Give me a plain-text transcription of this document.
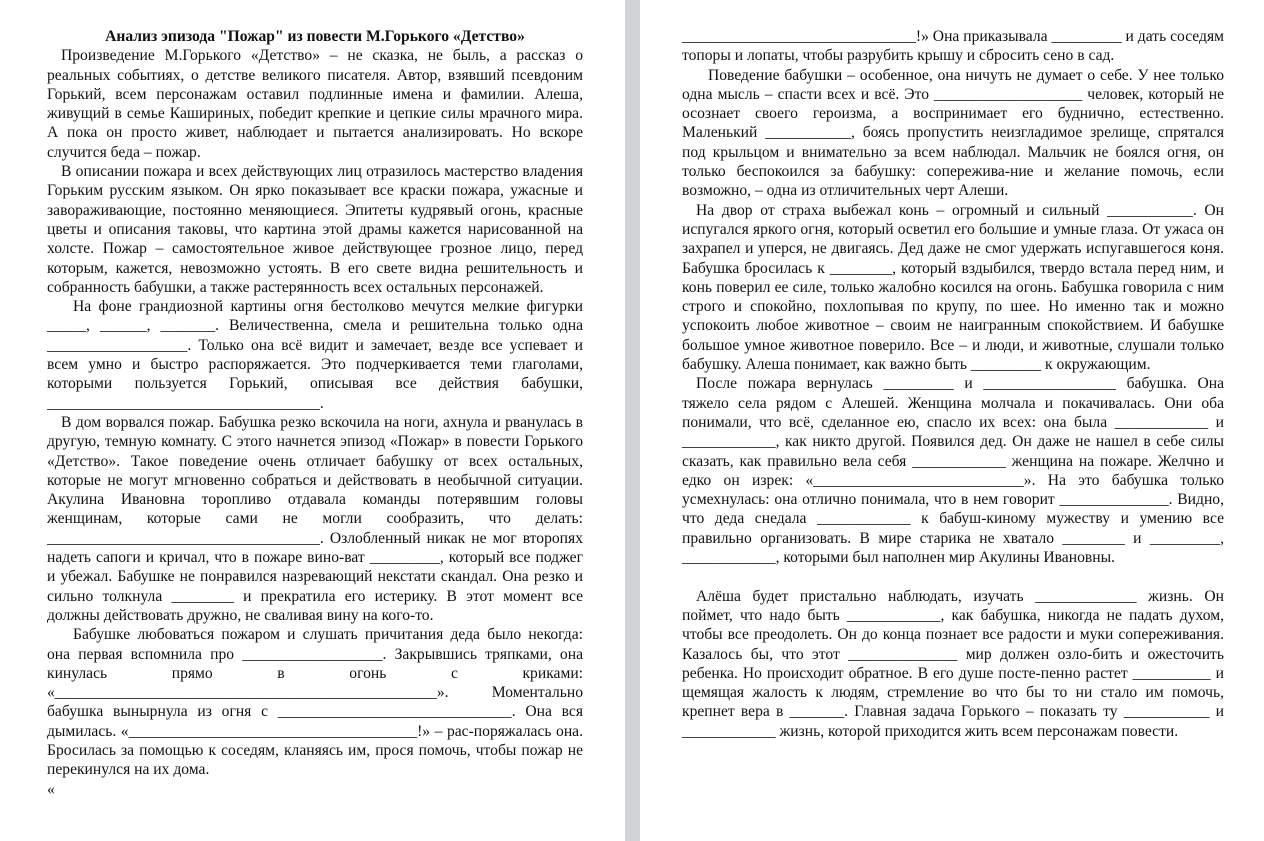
Анализ эпизода "Пожар" из повести М.Горького «Детство»

Произведение М.Горького «Детство» – не сказка, не быль, а рассказ о реальных событиях, о детстве великого писателя. Автор, взявший псевдоним Горький, всем персонажам оставил подлинные имена и фамилии. Алеша, живущий в семье Кашириных, победит крепкие и цепкие силы мрачного мира. А пока он просто живет, наблюдает и пытается анализировать. Но вскоре случится беда – пожар.

В описании пожара и всех действующих лиц отразилось мастерство владения Горьким русским языком. Он ярко показывает все краски пожара, ужасные и завораживающие, постоянно меняющиеся. Эпитеты кудрявый огонь, красные цветы и описания таковы, что картина этой драмы кажется нарисованной на холсте. Пожар – самостоятельное живое действующее грозное лицо, перед которым, кажется, невозможно устоять. В его свете видна решительность и собранность бабушки, а также растерянность всех остальных персонажей.

На фоне грандиозной картины огня бестолково мечутся мелкие фигурки _____, ______, _______. Величественна, смела и решительна только одна __________________. Только она всё видит и замечает, везде все успевает и всем умно и быстро распоряжается. Это подчеркивается теми глаголами, которыми пользуется Горький, описывая все действия бабушки, ___________________________________.

В дом ворвался пожар. Бабушка резко вскочила на ноги, ахнула и рванулась в другую, темную комнату. С этого начнется эпизод «Пожар» в повести Горького «Детство». Такое поведение очень отличает бабушку от всех остальных, которые не могут мгновенно собраться и действовать в необычной ситуации. Акулина Ивановна торопливо отдавала команды потерявшим головы женщинам, которые сами не могли сообразить, что делать: ___________________________________. Озлобленный никак не мог второпях надеть сапоги и кричал, что в пожаре вино-ват _________, который все поджег и убежал. Бабушке не понравился назревающий некстати скандал. Она резко и сильно толкнула ________ и прекратила его истерику. В этот момент все должны действовать дружно, не сваливая вину на кого-то.

Бабушке любоваться пожаром и слушать причитания деда было некогда: она первая вспомнила про __________________. Закрывшись тряпками, она кинулась прямо в огонь с криками: «_________________________________________________». Моментально бабушка вынырнула из огня с ______________________________. Она вся дымилась. «_____________________________________!» – рас-поряжалась она. Бросилась за помощью к соседям, кланяясь им, прося помочь, чтобы пожар не перекинулся на их дома.

«

______________________________!» Она приказывала _________ и дать соседям топоры и лопаты, чтобы разрубить крышу и сбросить сено в сад.

Поведение бабушки – особенное, она ничуть не думает о себе. У нее только одна мысль – спасти всех и всё. Это ___________________ человек, который не осознает своего героизма, а воспринимает его буднично, естественно. Маленький ___________, боясь пропустить неизгладимое зрелище, спрятался под крыльцом и внимательно за всем наблюдал. Мальчик не боялся огня, он только беспокоился за бабушку: сопережива-ние и желание помочь, если возможно, – одна из отличительных черт Алеши.

На двор от страха выбежал конь – огромный и сильный ___________. Он испугался яркого огня, который осветил его большие и умные глаза. От ужаса он захрапел и уперся, не двигаясь. Дед даже не смог удержать испугавшегося коня. Бабушка бросилась к ________, который вздыбился, твердо встала перед ним, и конь поверил ее силе, только жалобно косился на огонь. Бабушка говорила с ним строго и спокойно, похлопывая по крупу, по шее. Но именно так и можно успокоить любое животное – своим не наигранным спокойствием. И бабушке большое умное животное поверило. Все – и люди, и животные, слушали только бабушку. Алеша понимает, как важно быть _________ к окружающим.

После пожара вернулась _________ и _________________ бабушка. Она тяжело села рядом с Алешей. Женщина молчала и покачивалась. Они оба понимали, что всё, сделанное ею, спасло их всех: она была ____________ и ____________, как никто другой. Появился дед. Он даже не нашел в себе силы сказать, как правильно вела себя ____________ женщина на пожаре. Желчно и едко он изрек: «___________________________». На это бабушка только усмехнулась: она отлично понимала, что в нем говорит ______________. Видно, что деда снедала ____________ к бабуш-киному мужеству и умению все правильно организовать. В мире старика не хватало ________ и _________, ____________, которыми был наполнен мир Акулины Ивановны.

Алёша будет пристально наблюдать, изучать _____________ жизнь. Он поймет, что надо быть ____________, как бабушка, никогда не падать духом, чтобы все преодолеть. Он до конца познает все радости и муки сопереживания. Казалось бы, что этот ______________ мир должен озло-бить и ожесточить ребенка. Но происходит обратное. В его душе посте-пенно растет __________ и щемящая жалость к людям, стремление во что бы то ни стало им помочь, крепнет вера в _______. Главная задача Горького – показать ту ___________ и ____________ жизнь, которой приходится жить всем персонажам повести.
